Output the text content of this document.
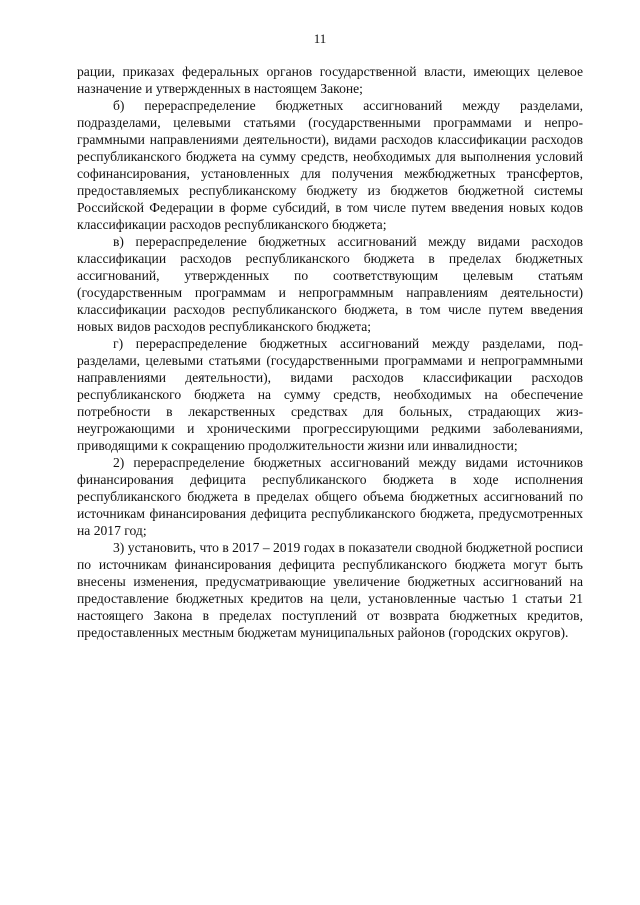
11

рации, приказах федеральных органов государственной власти, имеющих целевое назначение и утвержденных в настоящем Законе;

б) перераспределение бюджетных ассигнований между разделами, подразделами, целевыми статьями (государственными программами и непрограммными направлениями деятельности), видами расходов классификации расходов республиканского бюджета на сумму средств, необходимых для выполнения условий софинансирования, установленных для получения межбюджетных трансфертов, предоставляемых республиканскому бюджету из бюджетов бюджетной системы Российской Федерации в форме субсидий, в том числе путем введения новых кодов классификации расходов республиканского бюджета;

в) перераспределение бюджетных ассигнований между видами расходов классификации расходов республиканского бюджета в пределах бюджетных ассигнований, утвержденных по соответствующим целевым статьям (государственным программам и непрограммным направлениям деятельности) классификации расходов республиканского бюджета, в том числе путем введения новых видов расходов республиканского бюджета;

г) перераспределение бюджетных ассигнований между разделами, подразделами, целевыми статьями (государственными программами и непрограммными направлениями деятельности), видами расходов классификации расходов республиканского бюджета на сумму средств, необходимых на обеспечение потребности в лекарственных средствах для больных, страдающих жизнеугрожающими и хроническими прогрессирующими редкими заболеваниями, приводящими к сокращению продолжительности жизни или инвалидности;

2) перераспределение бюджетных ассигнований между видами источников финансирования дефицита республиканского бюджета в ходе исполнения республиканского бюджета в пределах общего объема бюджетных ассигнований по источникам финансирования дефицита республиканского бюджета, предусмотренных на 2017 год;

3) установить, что в 2017 – 2019 годах в показатели сводной бюджетной росписи по источникам финансирования дефицита республиканского бюджета могут быть внесены изменения, предусматривающие увеличение бюджетных ассигнований на предоставление бюджетных кредитов на цели, установленные частью 1 статьи 21 настоящего Закона в пределах поступлений от возврата бюджетных кредитов, предоставленных местным бюджетам муниципальных районов (городских округов).
